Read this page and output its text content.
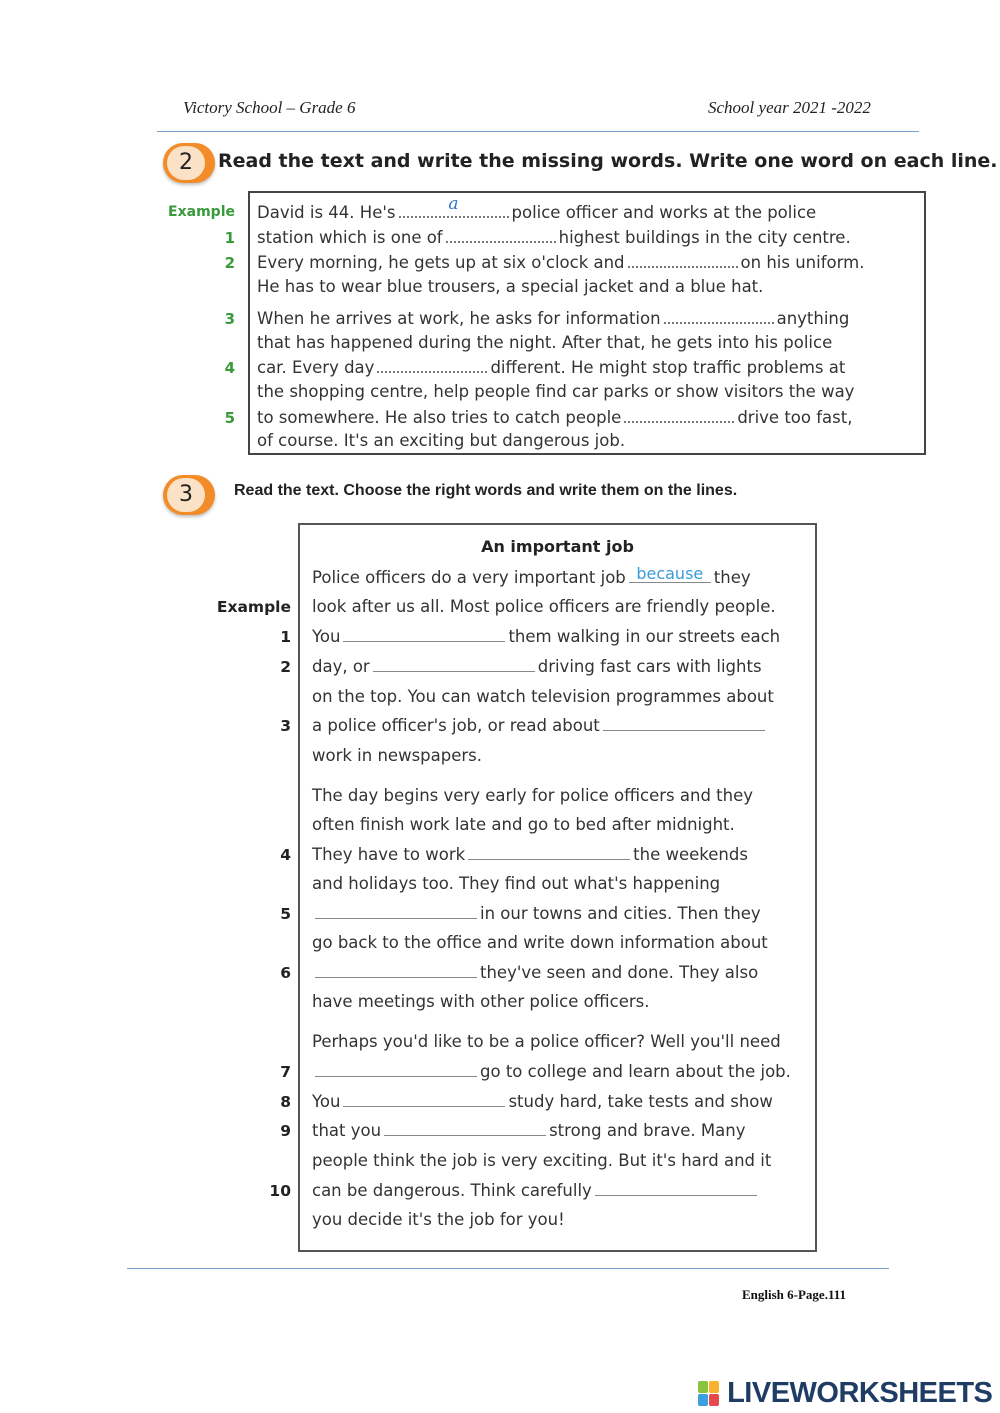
Victory School – Grade 6	School year 2021 -2022
2	Read the text and write the missing words. Write one word on each line.
Example David is 44. He's	a	police officer and works at the police
1 station which is one of	highest buildings in the city centre.
2 Every morning, he gets up at six o'clock and	on his uniform.
He has to wear blue trousers, a special jacket and a blue hat.
3 When he arrives at work, he asks for information	anything
that has happened during the night. After that, he gets into his police
4 car. Every day	different. He might stop traffic problems at
the shopping centre, help people find car parks or show visitors the way
5 to somewhere. He also tries to catch people	drive too fast,
of course. It's an exciting but dangerous job.
3	Read the text. Choose the right words and write them on the lines.
An important job
Police officers do a very important job because they
Example look after us all. Most police officers are friendly people.
1 You	them walking in our streets each
2 day, or	driving fast cars with lights
on the top. You can watch television programmes about
3 a police officer's job, or read about
work in newspapers.
The day begins very early for police officers and they
often finish work late and go to bed after midnight.
4 They have to work	the weekends
and holidays too. They find out what's happening
5	in our towns and cities. Then they
go back to the office and write down information about
6	they've seen and done. They also
have meetings with other police officers.
Perhaps you'd like to be a police officer? Well you'll need
7	go to college and learn about the job.
8 You	study hard, take tests and show
9 that you	strong and brave. Many
people think the job is very exciting. But it's hard and it
10 can be dangerous. Think carefully
you decide it's the job for you!
English 6-Page.111
LIVEWORKSHEETS
